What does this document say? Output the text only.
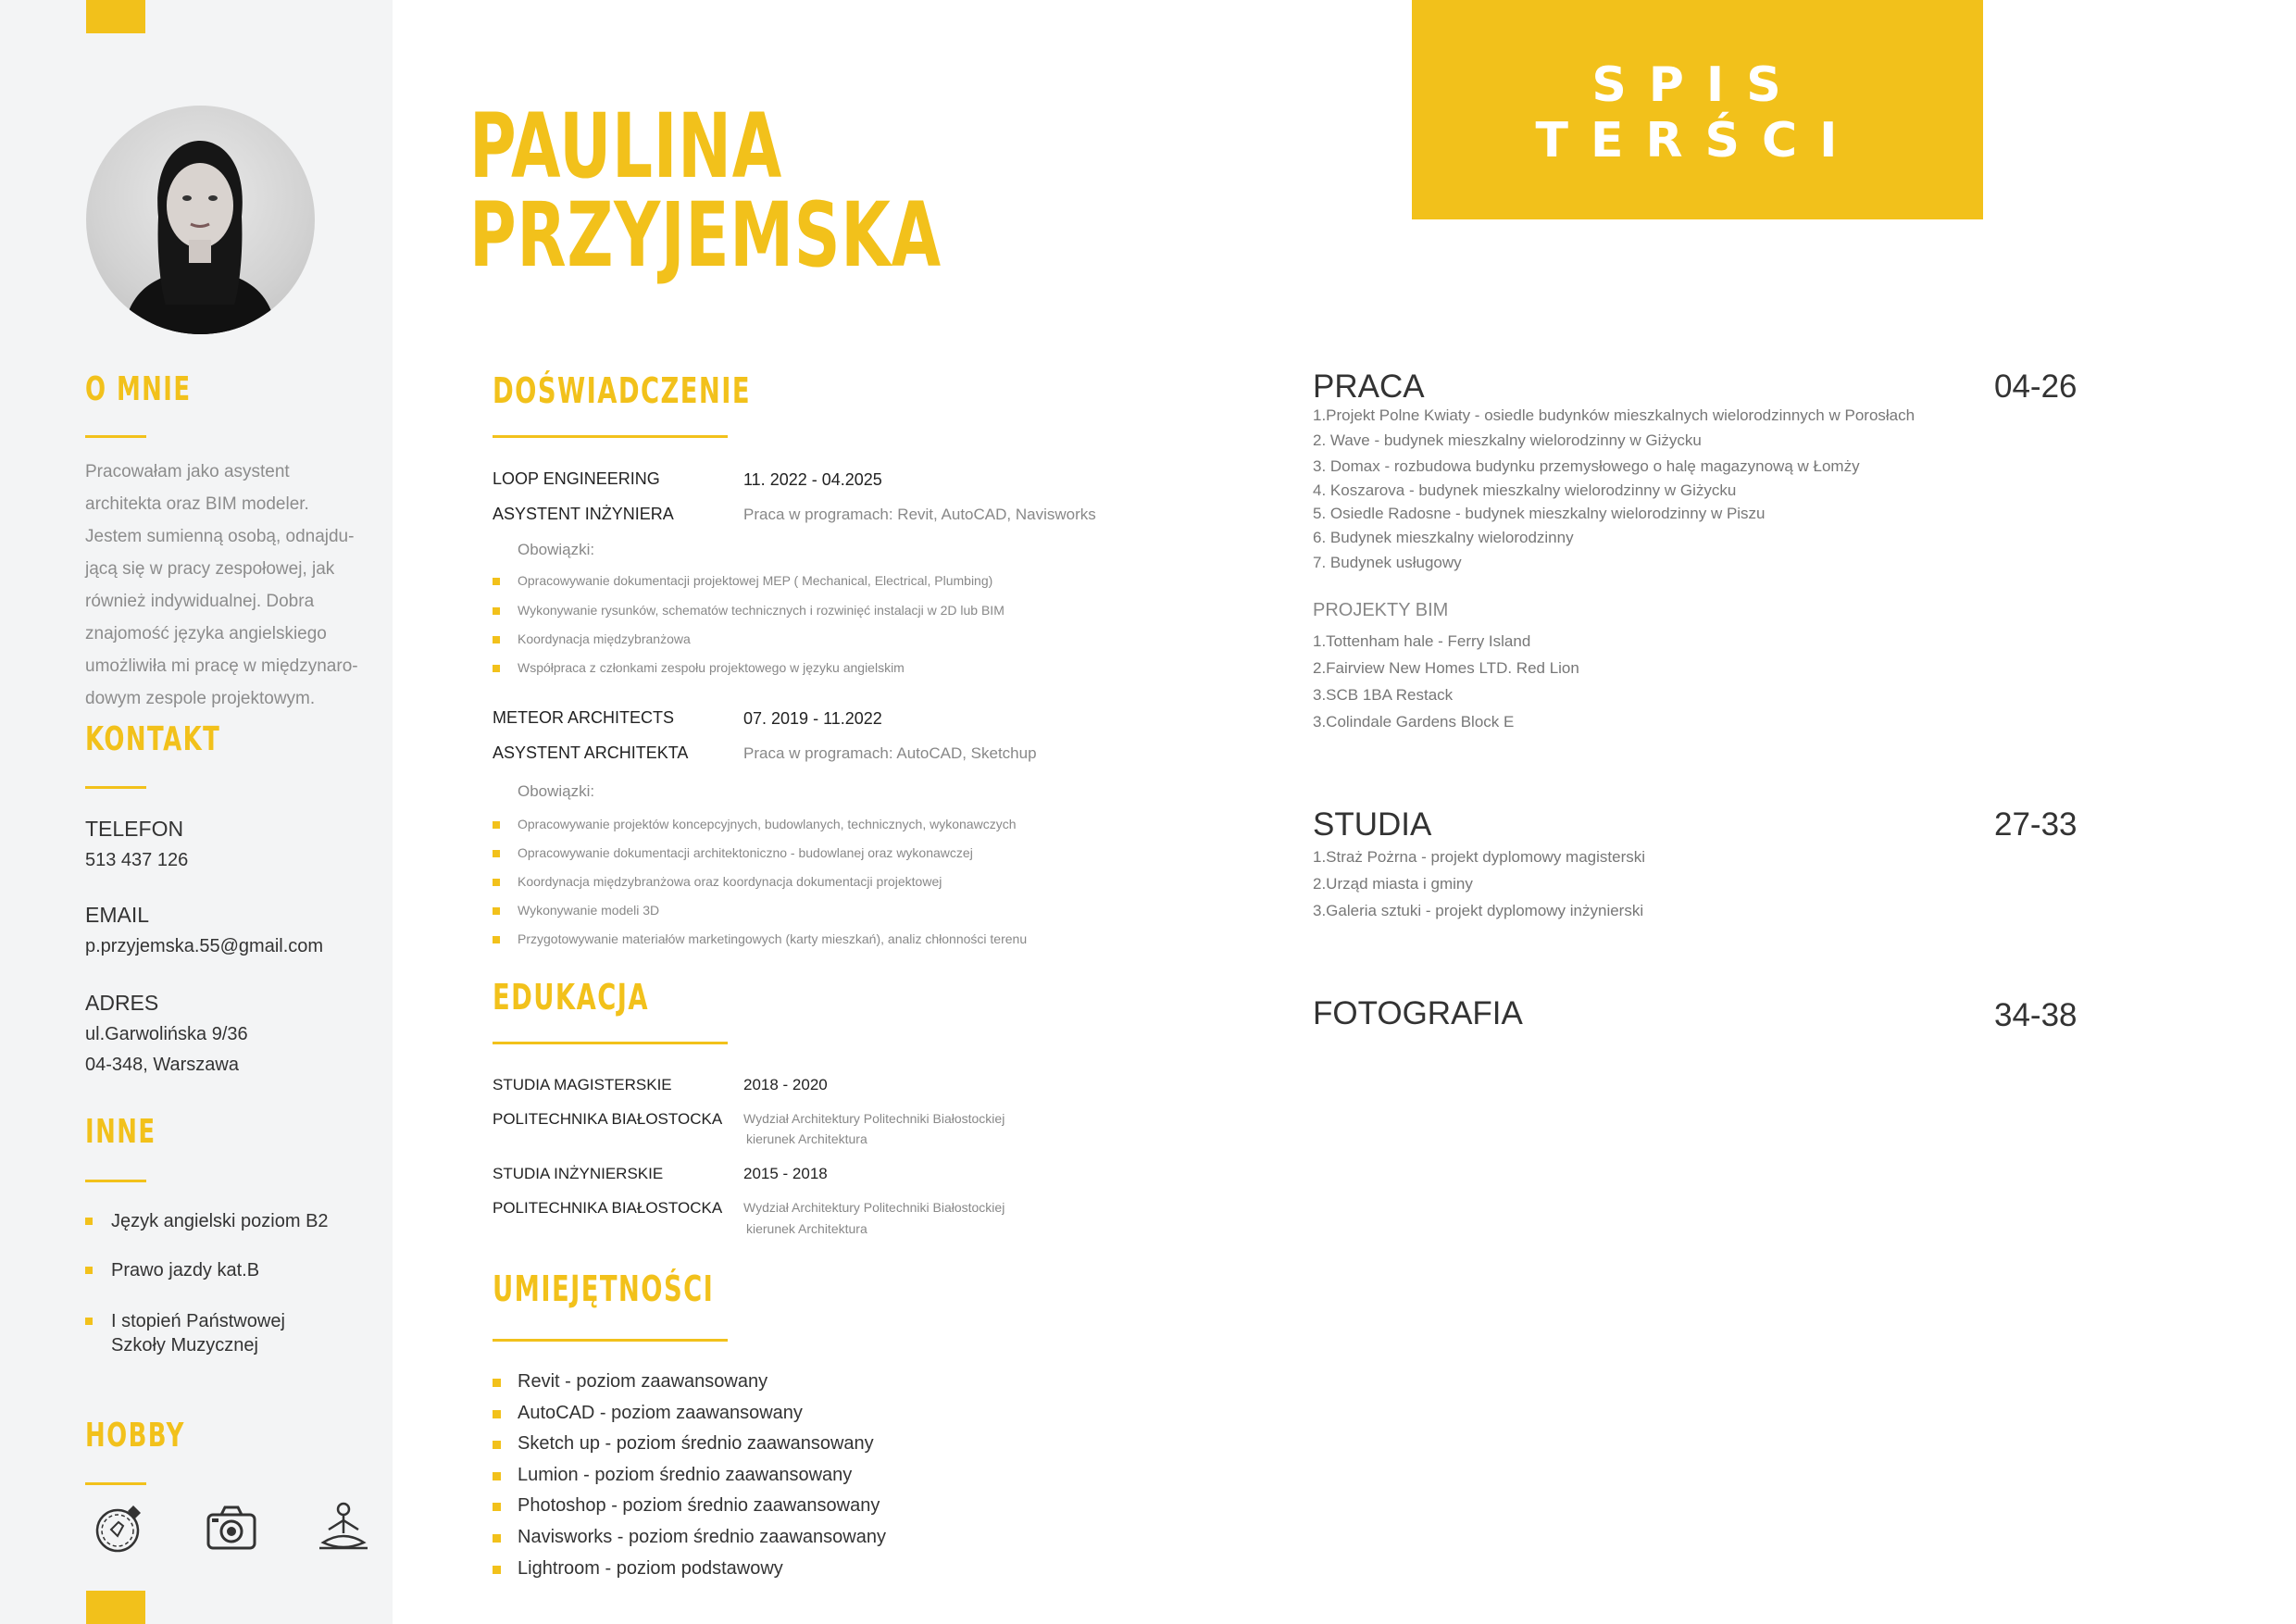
O MNIE
Pracowałam jako asystent
architekta oraz BIM modeler.
Jestem sumienną osobą, odnajdu-
jącą się w pracy zespołowej, jak
również indywidualnej. Dobra
znajomość języka angielskiego
umożliwiła mi pracę w międzynaro-
dowym zespole projektowym.
KONTAKT
TELEFON
513 437 126
EMAIL
p.przyjemska.55@gmail.com
ADRES
ul.Garwolińska 9/36
04-348, Warszawa
INNE
Język angielski poziom B2
Prawo jazdy kat.B
I stopień Państwowej
Szkoły Muzycznej
HOBBY
PAULINA
PRZYJEMSKA
SPIS TERŚCI
DOŚWIADCZENIE
LOOP ENGINEERING	11. 2022 - 04.2025
ASYSTENT INŻYNIERA	Praca w programach: Revit, AutoCAD, Navisworks
Obowiązki:
Opracowywanie dokumentacji projektowej MEP ( Mechanical, Electrical, Plumbing)
Wykonywanie rysunków, schematów technicznych i rozwinięć instalacji w 2D lub BIM
Koordynacja międzybranżowa
Współpraca z członkami zespołu projektowego w języku angielskim
METEOR ARCHITECTS	07. 2019 - 11.2022
ASYSTENT ARCHITEKTA	Praca w programach: AutoCAD, Sketchup
Obowiązki:
Opracowywanie projektów koncepcyjnych, budowlanych, technicznych, wykonawczych
Opracowywanie dokumentacji architektoniczno - budowlanej oraz wykonawczej
Koordynacja międzybranżowa oraz koordynacja dokumentacji projektowej
Wykonywanie modeli 3D
Przygotowywanie materiałów marketingowych (karty mieszkań), analiz chłonności terenu
EDUKACJA
STUDIA MAGISTERSKIE	2018 - 2020
POLITECHNIKA BIAŁOSTOCKA Wydział Architektury Politechniki Białostockiej
kierunek Architektura
STUDIA INŻYNIERSKIE	2015 - 2018
POLITECHNIKA BIAŁOSTOCKA Wydział Architektury Politechniki Białostockiej
kierunek Architektura
UMIEJĘTNOŚCI
Revit - poziom zaawansowany
AutoCAD - poziom zaawansowany
Sketch up - poziom średnio zaawansowany
Lumion - poziom średnio zaawansowany
Photoshop - poziom średnio zaawansowany
Navisworks - poziom średnio zaawansowany
Lightroom - poziom podstawowy
PRACA	04-26
1.Projekt Polne Kwiaty - osiedle budynków mieszkalnych wielorodzinnych w Porosłach
2. Wave - budynek mieszkalny wielorodzinny w Giżycku
3. Domax - rozbudowa budynku przemysłowego o halę magazynową w Łomży
4. Koszarova - budynek mieszkalny wielorodzinny w Giżycku
5. Osiedle Radosne - budynek mieszkalny wielorodzinny w Piszu
6. Budynek mieszkalny wielorodzinny
7. Budynek usługowy
PROJEKTY BIM
1.Tottenham hale - Ferry Island
2.Fairview New Homes LTD. Red Lion
3.SCB 1BA Restack
3.Colindale Gardens Block E
STUDIA	27-33
1.Straż Pożrna - projekt dyplomowy magisterski
2.Urząd miasta i gminy
3.Galeria sztuki - projekt dyplomowy inżynierski
FOTOGRAFIA	34-38
